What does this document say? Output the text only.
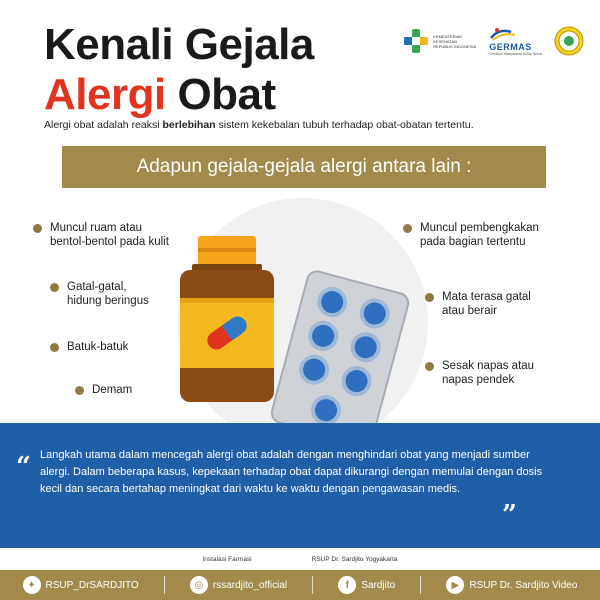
Kenali Gejala
Alergi Obat
KEMENTERIAN KESEHATAN REPUBLIK INDONESIA GERMAS
Gerakan Masyarakat Hidup Sehat

Alergi obat adalah reaksi berlebihan sistem kekebalan tubuh terhadap obat-obatan tertentu.

Adapun gejala-gejala alergi antara lain :
Muncul ruam atau
bentol-bentol pada kulit
Gatal-gatal,
hidung beringus
Batuk-batuk
Demam
Muncul pembengkakan
pada bagian tertentu
Mata terasa gatal
atau berair
Sesak napas atau
napas pendek
“ Langkah utama dalam mencegah alergi obat adalah dengan menghindari obat yang menjadi sumber alergi. Dalam beberapa kasus, kepekaan terhadap obat dapat dikurangi dengan memulai dengan dosis kecil dan secara bertahap meningkat dari waktu ke waktu dengan pengawasan medis.

”
Instalasi Farmasi	RSUP Dr. Sardjito Yogyakarta
✦ RSUP_DrSARDJITO	◎ rssardjito_official	f	Sardjito	▶	RSUP Dr. Sardjito Video
